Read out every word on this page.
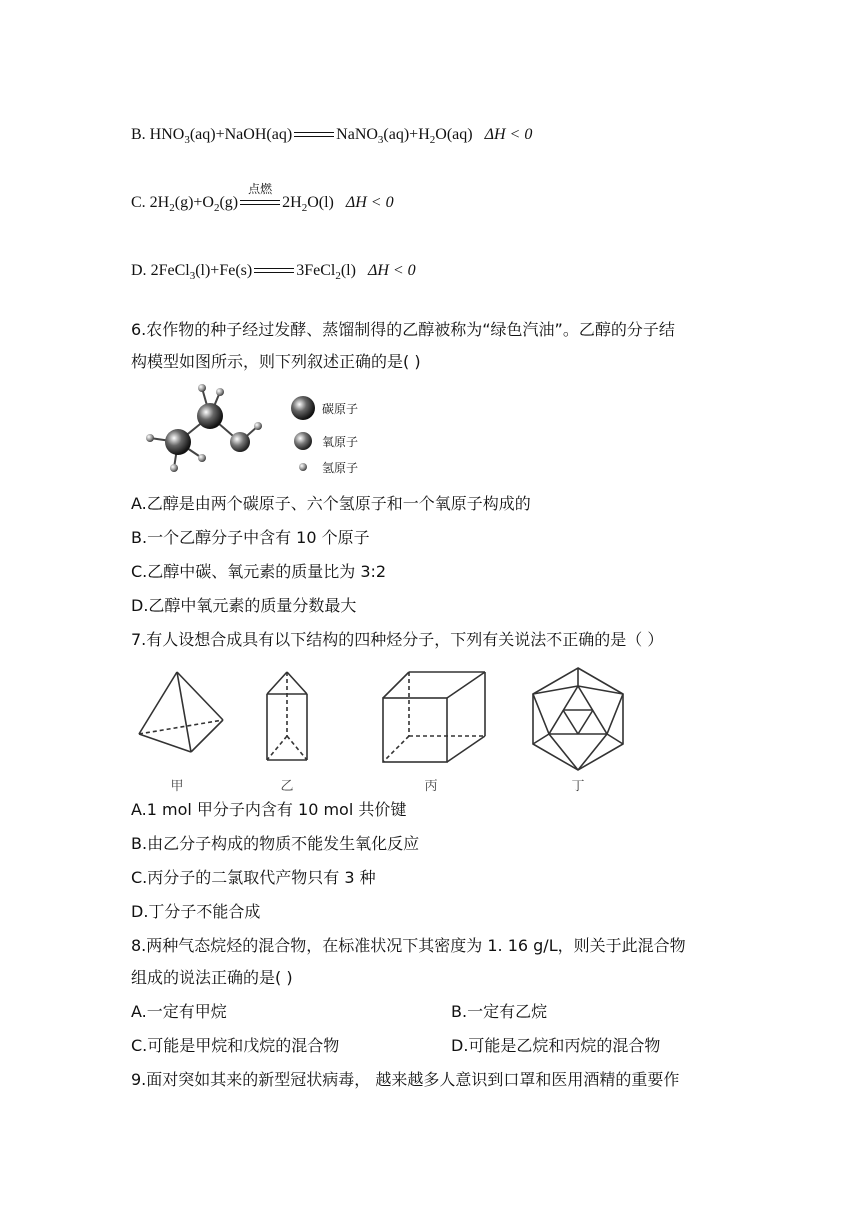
B. $HNO_3(aq)+NaOH(aq)$	$NaNO_3(aq)+H_2O(aq) \Delta H < 0$
C. $2H_2(g)+O_2(g)$
点燃
$2H_2O(l) \Delta H < 0$
D. 2FeCl$_3$(l)+Fe(s)	3FeCl$_2$(l) ΔH < 0
6.农作物的种子经过发酵、蒸馏制得的乙醇被称为“绿色汽油”。乙醇的分子结
构模型如图所示，则下列叙述正确的是( )
碳原子
氧原子
氢原子
A.乙醇是由两个碳原子、六个氢原子和一个氧原子构成的
B.一个乙醇分子中含有 10 个原子
C.乙醇中碳、氧元素的质量比为 3:2
D.乙醇中氧元素的质量分数最大
7.有人设想合成具有以下结构的四种烃分子，下列有关说法不正确的是（ ）
甲	乙	丙	丁
A.1 mol 甲分子内含有 10 mol 共价键
B.由乙分子构成的物质不能发生氧化反应
C.丙分子的二氯取代产物只有 3 种
D.丁分子不能合成
8.两种气态烷烃的混合物，在标准状况下其密度为 1. 16 g/L，则关于此混合物
组成的说法正确的是( )
A.一定有甲烷	B.一定有乙烷
C.可能是甲烷和戊烷的混合物	D.可能是乙烷和丙烷的混合物
9.面对突如其来的新型冠状病毒， 越来越多人意识到口罩和医用酒精的重要作
